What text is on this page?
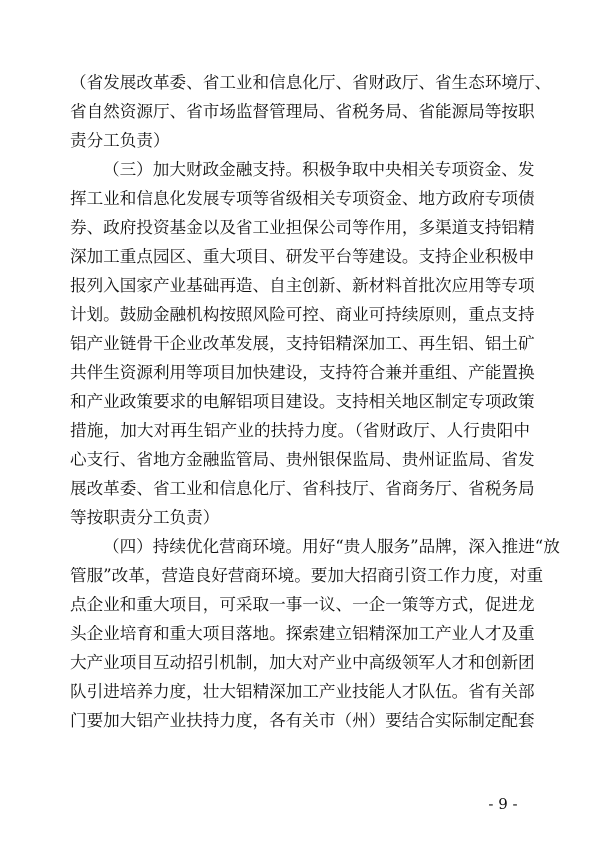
（省发展改革委、省工业和信息化厅、省财政厅、省生态环境厅、
省自然资源厅、省市场监督管理局、省税务局、省能源局等按职
责分工负责）
（三）加大财政金融支持。积极争取中央相关专项资金、发
挥工业和信息化发展专项等省级相关专项资金、地方政府专项债
券、政府投资基金以及省工业担保公司等作用，多渠道支持铝精
深加工重点园区、重大项目、研发平台等建设。支持企业积极申
报列入国家产业基础再造、自主创新、新材料首批次应用等专项
计划。鼓励金融机构按照风险可控、商业可持续原则，重点支持
铝产业链骨干企业改革发展，支持铝精深加工、再生铝、铝土矿
共伴生资源利用等项目加快建设，支持符合兼并重组、产能置换
和产业政策要求的电解铝项目建设。支持相关地区制定专项政策
措施，加大对再生铝产业的扶持力度。（省财政厅、人行贵阳中
心支行、省地方金融监管局、贵州银保监局、贵州证监局、省发
展改革委、省工业和信息化厅、省科技厅、省商务厅、省税务局
等按职责分工负责）
（四）持续优化营商环境。用好“贵人服务”品牌，深入推进“放
管服”改革，营造良好营商环境。要加大招商引资工作力度，对重
点企业和重大项目，可采取一事一议、一企一策等方式，促进龙
头企业培育和重大项目落地。探索建立铝精深加工产业人才及重
大产业项目互动招引机制，加大对产业中高级领军人才和创新团
队引进培养力度，壮大铝精深加工产业技能人才队伍。省有关部
门要加大铝产业扶持力度，各有关市（州）要结合实际制定配套
- 9 -
